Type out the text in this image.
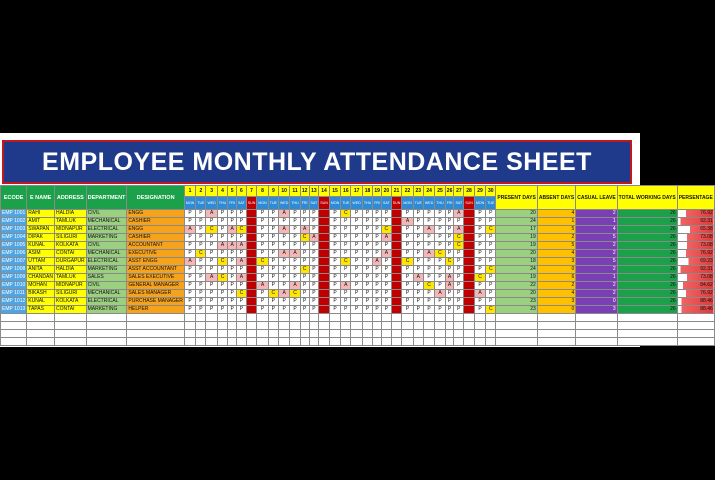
EMPLOYEE MONTHLY ATTENDANCE SHEET
ECODE	E NAME	ADDRESS	DEPARTMENT	DESIGNATION	1	2	3	4	5	6	7	8	9	10	11	12	13	14	15	16	17	18	19	20	21	22	23	24	25	26	27	28	29	30	PRESENT DAYS	ABSENT DAYS	CASUAL LEAVE	TOTAL WORKING DAYS	PERSENTAGE

					MON	TUE	WED	THU	FRI	SAT	SUN	MON	TUE	WED	THU	FRI	SAT	SUN	MON	TUE	WED	THU	FRI	SAT	SUN	MON	TUE	WED	THU	FRI	SAT	SUN	MON	TUE					

EMP 1001	RAHI	HALDIA	CIVIL	ENGG	P	P	A	P	P	P		P	P	A	P	P	P		P	C	P	P	P	P		P	P	P	P	P	A		P	P	20	4	2	26	76.92

EMP 1002	AMIT	TAMLUK	MECHANICAL	CASHIER	P	P	P	P	P	P		P	P	P	P	P	P		P	P	P	P	P	P		A	P	P	P	P	P		P	P	24	1	1	26	92.31

EMP 1003	SWAPAN	MIDNAPUR	ELECTRICAL	ENGG	A	P	C	P	A	C		P	P	A	P	A	P		P	P	P	P	P	C		P	P	A	P	P	A		P	C	17	5	4	26	65.38

EMP 1004	DIPAK	SILIGURI	MARKETING	CASHIER	P	P	P	P	P	P		P	P	P	P	C	A		P	P	P	P	P	A		P	P	P	P	P	C		P	P	19	2	5	26	73.08

EMP 1005	KUNAL	KOLKATA	CIVIL	ACCOUNTANT	P	P	P	A	A	A		P	P	P	P	P	P		P	P	P	P	P	P		P	P	P	P	P	C		P	P	19	5	2	26	73.08

EMP 1006	ASIM	CONTAI	MECHANICAL	EXECUTIVE	P	C	P	P	P	P		P	P	A	A	P	P		P	P	P	P	P	A		P	P	A	C	P	P		P	P	20	4	2	26	76.92

EMP 1007	UTTAM	DURGAPUR	ELECTRICAL	ASST ENGG	A	P	P	C	P	A		C	P	P	P	P	P		P	C	P	P	A	P		C	P	P	P	C	P		P	P	18	3	5	26	69.23

EMP 1008	ANITA	HALDIA	MARKETING	ASST ACCOUNTANT	P	P	P	P	P	P		P	P	P	P	C	P		P	P	P	P	P	P		P	P	P	P	P	P		P	C	24	0	2	26	92.31

EMP 1009	CHANDAN	TAMLUK	SALES	SALES EXECUTIVE	P	P	A	C	P	A		P	P	P	P	P	P		P	P	P	P	P	P		P	A	P	P	A	P		C	P	19	6	1	26	73.08

EMP 1010	MOHAN	MIDNAPUR	CIVIL	GENERAL MANAGER	P	P	P	P	P	P		A	P	P	A	P	P		P	A	P	P	P	P		P	P	C	P	A	P		P	P	22	2	2	26	84.62

EMP 1011	BIKASH	SILIGURI	MECHANICAL	SALES MANAGER	P	P	P	P	P	C		P	C	A	C	P	P		P	P	P	P	P	P		P	P	P	A	P	P		A	P	20	4	2	26	76.92

EMP 1012	KUNAL	KOLKATA	ELECTRICAL	PURCHASE MANAGER	P	P	P	P	P	P		P	P	P	P	P	P		P	P	P	P	P	P		P	P	P	P	P	P		P	P	23	3	0	26	88.46

EMP 1013	TAPAS	CONTAI	MARKETING	HELPER	P	P	P	P	P	P		P	P	P	P	P	P		P	P	P	P	P	P		P	P	P	P	P	P		P	C	23	0	3	26	88.46
